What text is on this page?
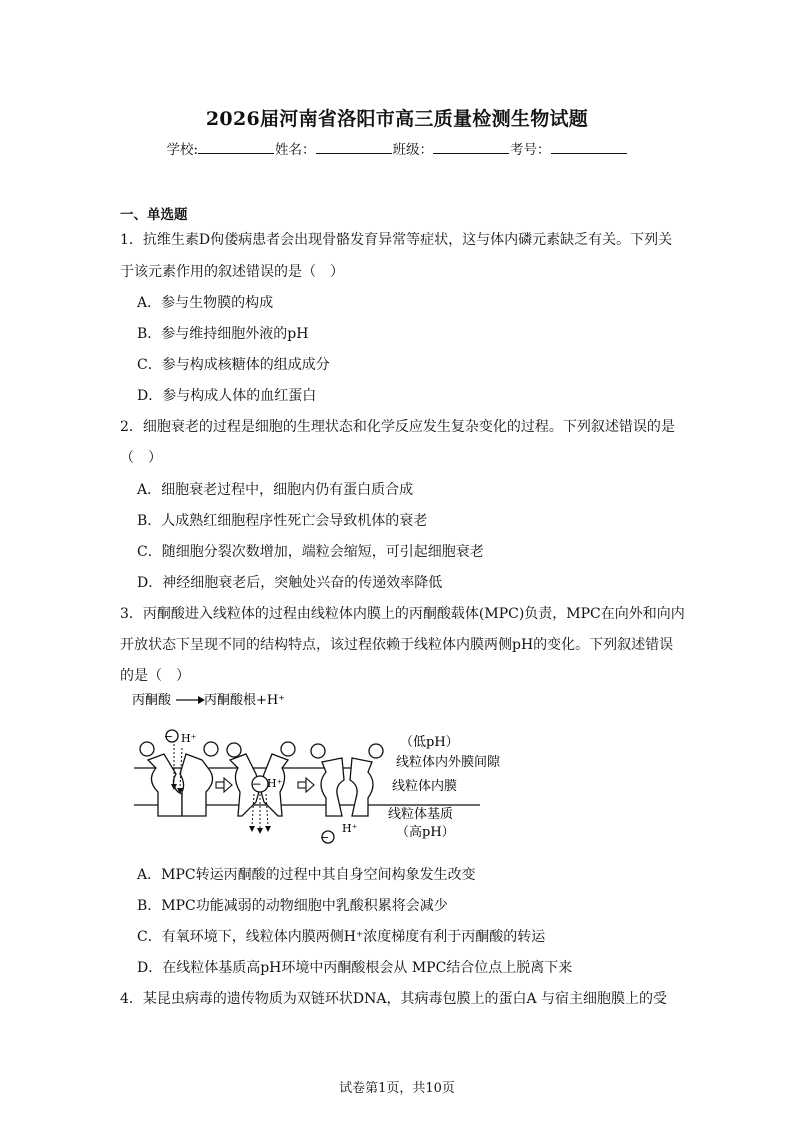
2026届河南省洛阳市高三质量检测生物试题
学校:	姓名：	班级：	考号：
一、单选题
1．抗维生素D佝偻病患者会出现骨骼发育异常等症状，这与体内磷元素缺乏有关。下列关
于该元素作用的叙述错误的是（　）
A．参与生物膜的构成
B．参与维持细胞外液的pH
C．参与构成核糖体的组成成分
D．参与构成人体的血红蛋白
2．细胞衰老的过程是细胞的生理状态和化学反应发生复杂变化的过程。下列叙述错误的是
（　）
A．细胞衰老过程中，细胞内仍有蛋白质合成
B．人成熟红细胞程序性死亡会导致机体的衰老
C．随细胞分裂次数增加，端粒会缩短，可引起细胞衰老
D．神经细胞衰老后，突触处兴奋的传递效率降低
3．丙酮酸进入线粒体的过程由线粒体内膜上的丙酮酸载体(MPC)负责，MPC在向外和向内
开放状态下呈现不同的结构特点，该过程依赖于线粒体内膜两侧pH的变化。下列叙述错误
的是（　）
丙酮酸	丙酮酸根+H⁺
− H⁺
− H⁺
−
H⁺
（低pH）
线粒体内外膜间隙
线粒体内膜
线粒体基质
（高pH）
A．MPC转运丙酮酸的过程中其自身空间构象发生改变
B．MPC功能减弱的动物细胞中乳酸积累将会减少
C．有氧环境下，线粒体内膜两侧H⁺浓度梯度有利于丙酮酸的转运
D．在线粒体基质高pH环境中丙酮酸根会从 MPC结合位点上脱离下来
4．某昆虫病毒的遗传物质为双链环状DNA，其病毒包膜上的蛋白A 与宿主细胞膜上的受
试卷第1页，共10页
